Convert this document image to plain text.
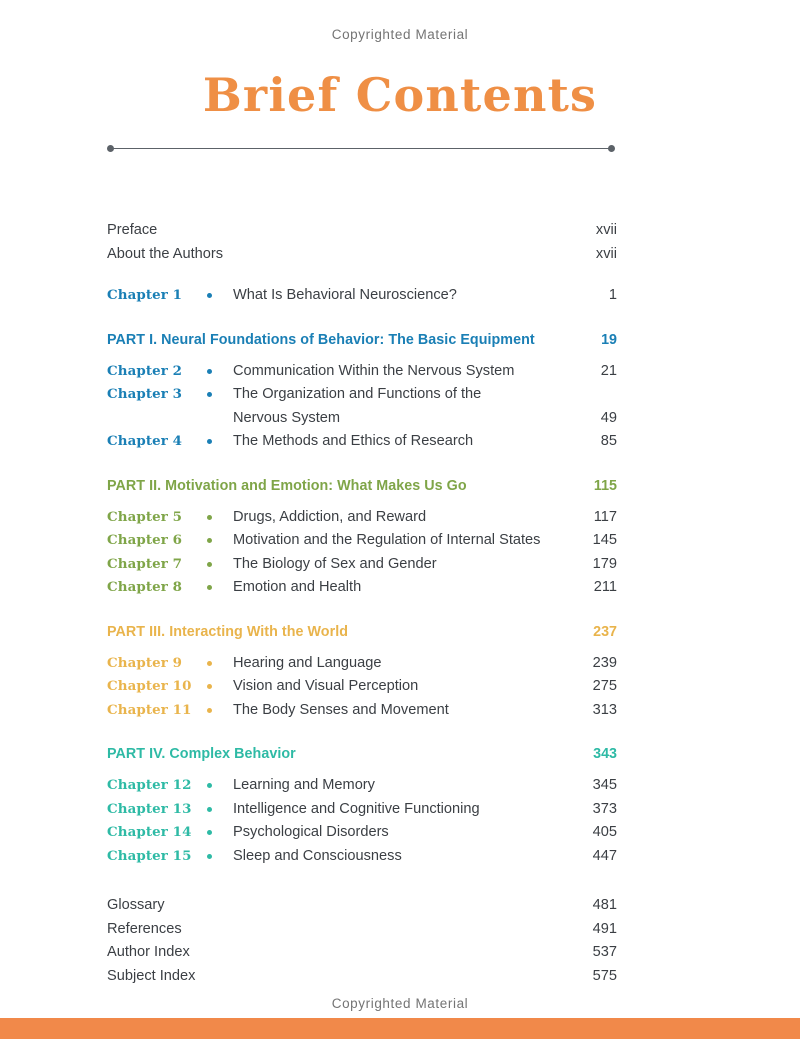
Copyrighted Material
Brief Contents
Preface	xvii
About the Authors	xvii
Chapter 1	What Is Behavioral Neuroscience?	1
PART I. Neural Foundations of Behavior: The Basic Equipment	19
Chapter 2	Communication Within the Nervous System	21
Chapter 3	The Organization and Functions of the
Nervous System	49
Chapter 4	The Methods and Ethics of Research	85
PART II. Motivation and Emotion: What Makes Us Go	115
Chapter 5	Drugs, Addiction, and Reward	117
Chapter 6	Motivation and the Regulation of Internal States	145
Chapter 7	The Biology of Sex and Gender	179
Chapter 8	Emotion and Health	211
PART III. Interacting With the World	237
Chapter 9	Hearing and Language	239
Chapter 10	Vision and Visual Perception	275
Chapter 11	The Body Senses and Movement	313
PART IV. Complex Behavior	343
Chapter 12	Learning and Memory	345
Chapter 13	Intelligence and Cognitive Functioning	373
Chapter 14	Psychological Disorders	405
Chapter 15	Sleep and Consciousness	447
Glossary	481
References	491
Author Index	537
Subject Index	575
Copyrighted Material
